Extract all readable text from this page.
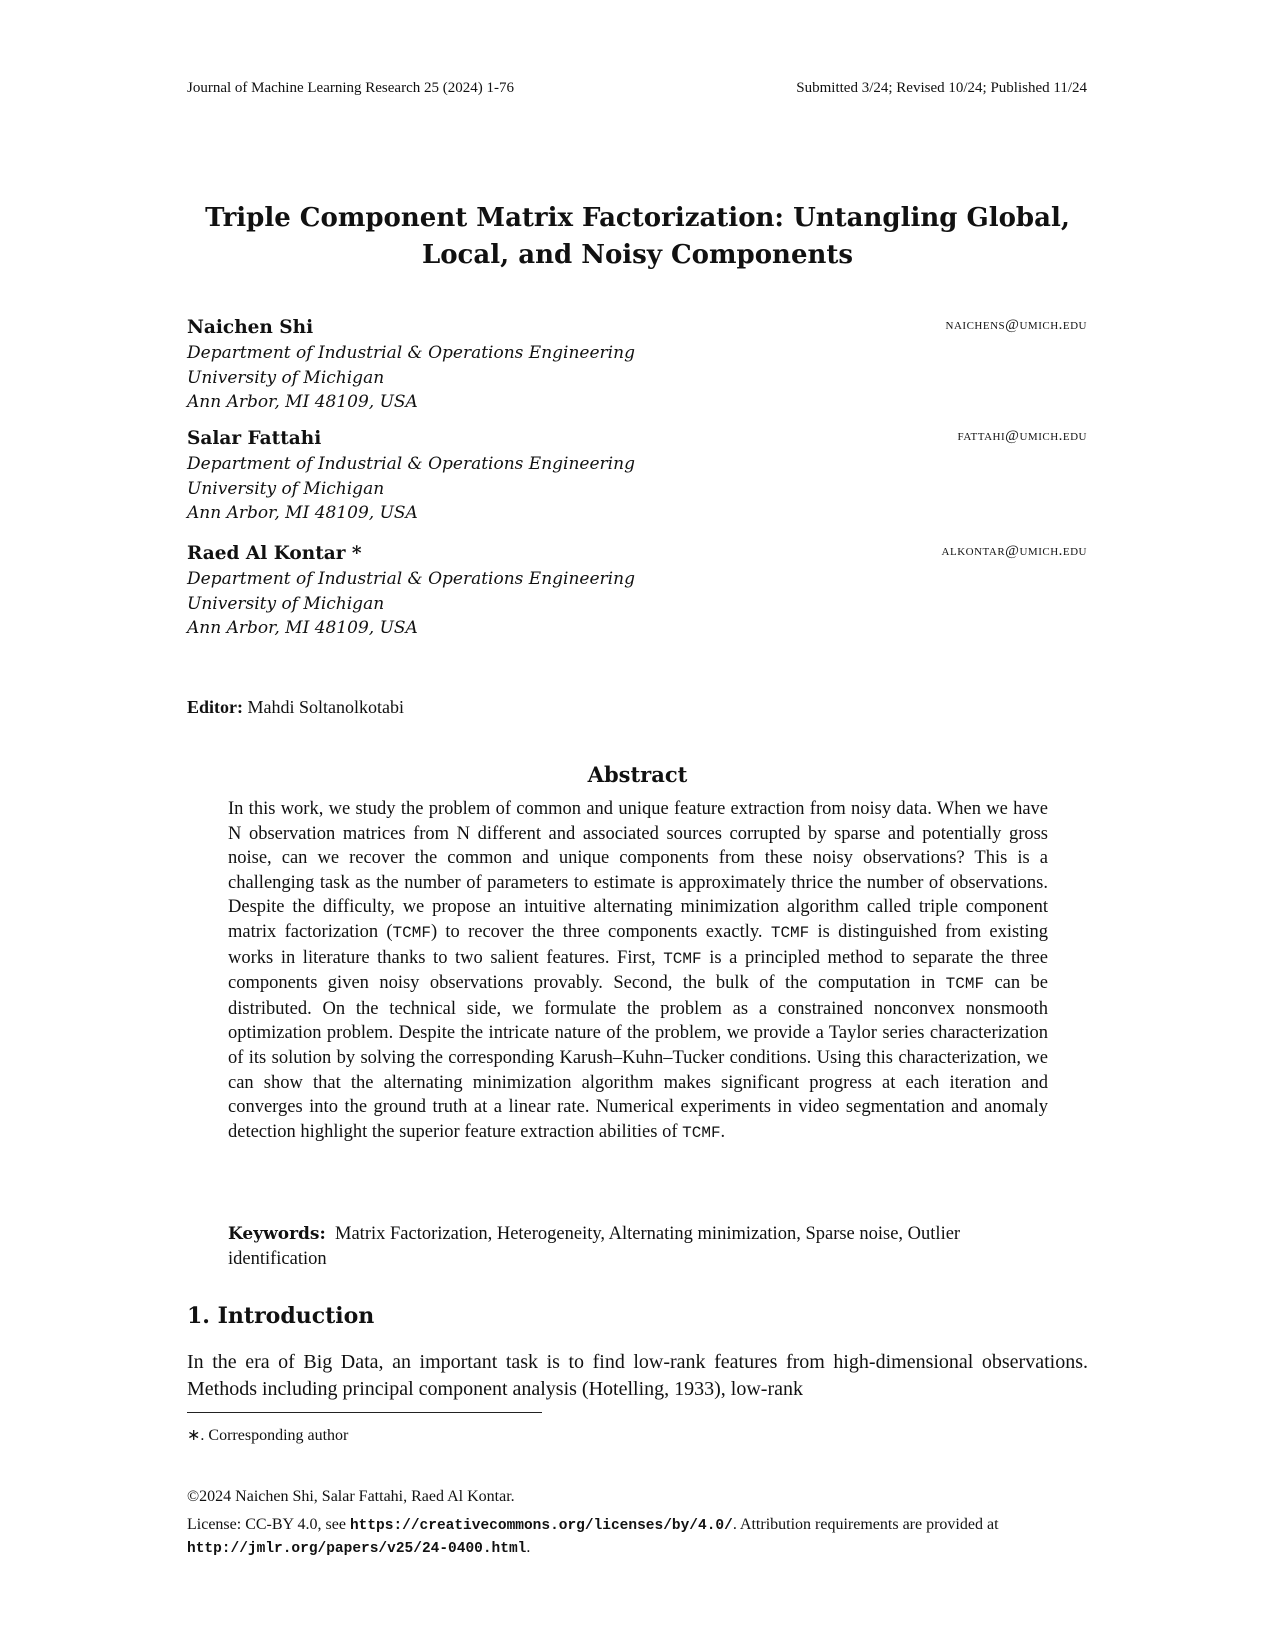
Journal of Machine Learning Research 25 (2024) 1-76	Submitted 3/24; Revised 10/24; Published 11/24
Triple Component Matrix Factorization: Untangling Global,
Local, and Noisy Components
Naichen Shi	naichens@umich.edu
Department of Industrial & Operations Engineering
University of Michigan
Ann Arbor, MI 48109, USA
Salar Fattahi	fattahi@umich.edu
Department of Industrial & Operations Engineering
University of Michigan
Ann Arbor, MI 48109, USA
Raed Al Kontar *	alkontar@umich.edu
Department of Industrial & Operations Engineering
University of Michigan
Ann Arbor, MI 48109, USA
Editor: Mahdi Soltanolkotabi
Abstract
In this work, we study the problem of common and unique feature extraction from noisy data. When we have N observation matrices from N different and associated sources corrupted by sparse and potentially gross noise, can we recover the common and unique components from these noisy observations? This is a challenging task as the number of parameters to estimate is approximately thrice the number of observations. Despite the difficulty, we propose an intuitive alternating minimization algorithm called triple component matrix factorization (TCMF) to recover the three components exactly. TCMF is distinguished from existing works in literature thanks to two salient features. First, TCMF is a principled method to separate the three components given noisy observations provably. Second, the bulk of the computation in TCMF can be distributed. On the technical side, we formulate the problem as a constrained nonconvex nonsmooth optimization problem. Despite the intricate nature of the problem, we provide a Taylor series characterization of its solution by solving the corresponding Karush–Kuhn–Tucker conditions. Using this characterization, we can show that the alternating minimization algorithm makes significant progress at each iteration and converges into the ground truth at a linear rate. Numerical experiments in video segmentation and anomaly detection highlight the superior feature extraction abilities of TCMF.
Keywords: Matrix Factorization, Heterogeneity, Alternating minimization, Sparse noise, Outlier identification
1. Introduction
In the era of Big Data, an important task is to find low-rank features from high-dimensional observations. Methods including principal component analysis (Hotelling, 1933), low-rank
∗. Corresponding author
©2024 Naichen Shi, Salar Fattahi, Raed Al Kontar.
License: CC-BY 4.0, see https://creativecommons.org/licenses/by/4.0/. Attribution requirements are provided at http://jmlr.org/papers/v25/24-0400.html.
